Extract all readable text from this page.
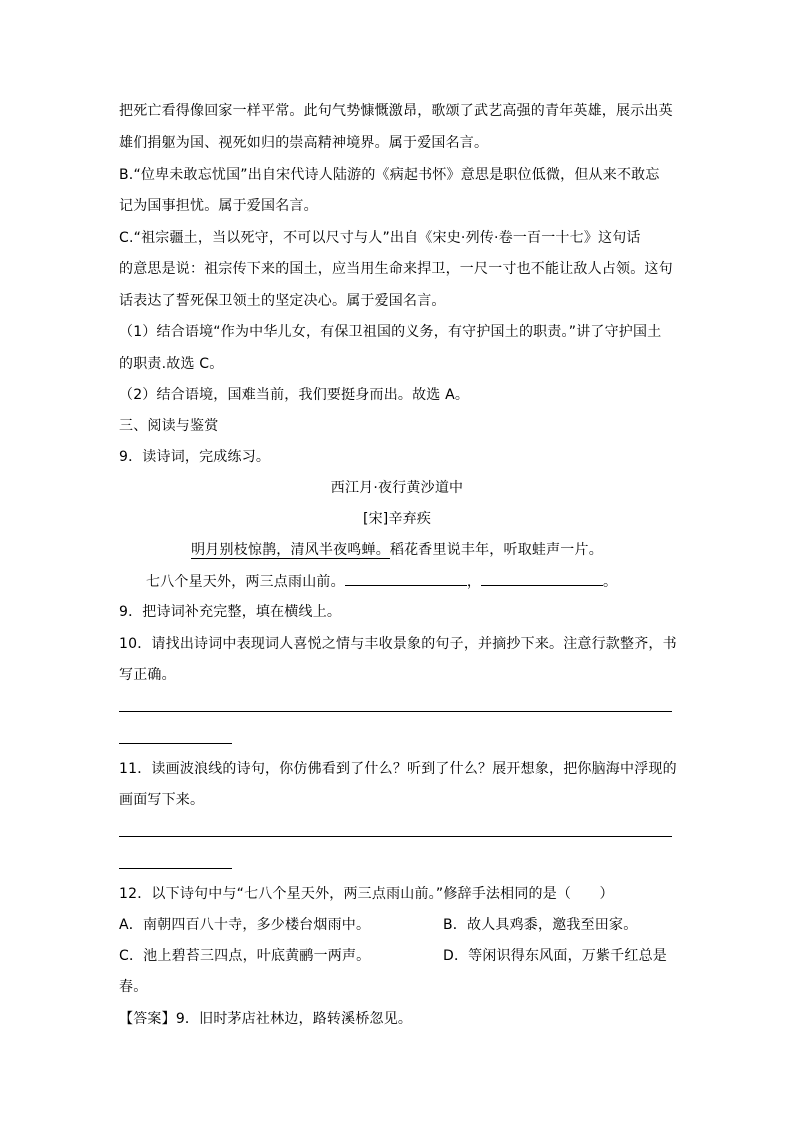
把死亡看得像回家一样平常。此句气势慷慨激昂，歌颂了武艺高强的青年英雄，展示出英
雄们捐躯为国、视死如归的崇高精神境界。属于爱国名言。
B.“位卑未敢忘忧国”出自宋代诗人陆游的《病起书怀》意思是职位低微，但从来不敢忘
记为国事担忧。属于爱国名言。
C.“祖宗疆土，当以死守，不可以尺寸与人”出自《宋史·列传·卷一百一十七》这句话
的意思是说：祖宗传下来的国土，应当用生命来捍卫，一尺一寸也不能让敌人占领。这句
话表达了誓死保卫领土的坚定决心。属于爱国名言。
（1）结合语境“作为中华儿女，有保卫祖国的义务，有守护国土的职责。”讲了守护国土
的职责.故选 C。
（2）结合语境，国难当前，我们要挺身而出。故选 A。
三、阅读与鉴赏
9．读诗词，完成练习。
西江月·夜行黄沙道中
[宋]辛弃疾
明月别枝惊鹊，清风半夜鸣蝉。稻花香里说丰年，听取蛙声一片。
七八个星天外，两三点雨山前。	，	。
9．把诗词补充完整，填在横线上。
10．请找出诗词中表现词人喜悦之情与丰收景象的句子，并摘抄下来。注意行款整齐，书
写正确。
11．读画波浪线的诗句，你仿佛看到了什么？听到了什么？展开想象，把你脑海中浮现的
画面写下来。
12．以下诗句中与“七八个星天外，两三点雨山前。”修辞手法相同的是（　　）
A．南朝四百八十寺，多少楼台烟雨中。	B．故人具鸡黍，邀我至田家。
C．池上碧苔三四点，叶底黄鹂一两声。	D．等闲识得东风面，万紫千红总是
春。
【答案】9．旧时茅店社林边，路转溪桥忽见。
